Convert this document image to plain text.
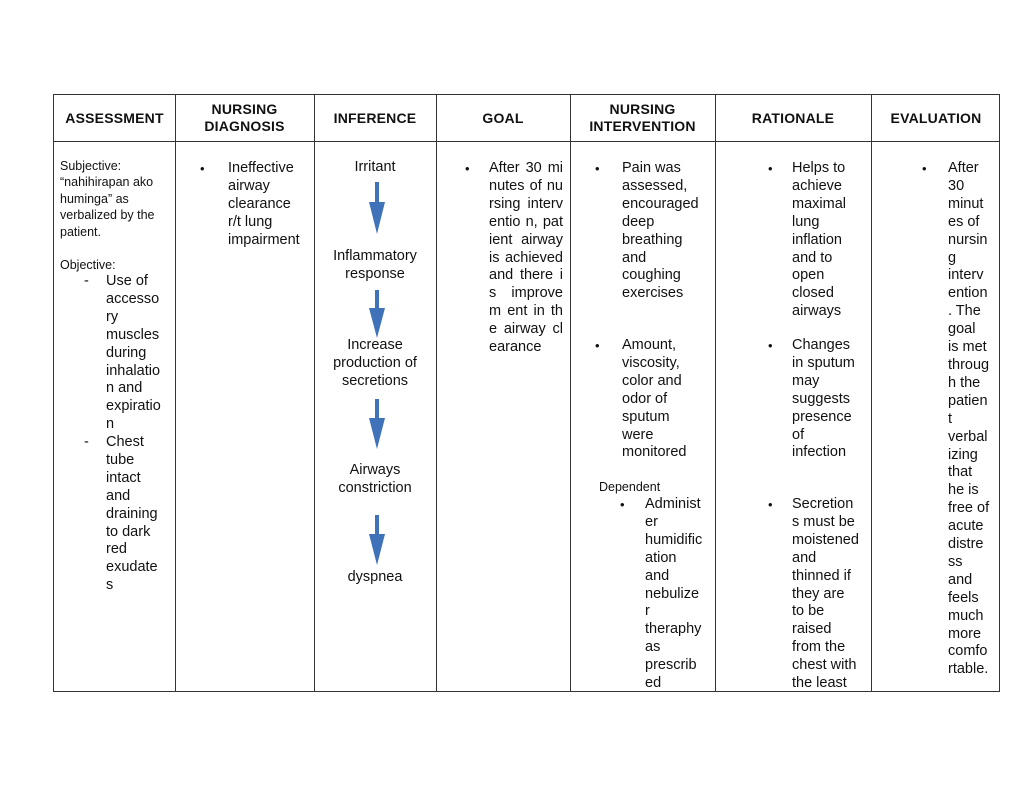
ASSESSMENT
NURSING
DIAGNOSIS
INFERENCE	GOAL
NURSING
INTERVENTION
RATIONALE	EVALUATION
Subjective:
“nahihirapan ako
huminga” as
verbalized by the
patient.
Objective:
- Use of
accesso
ry
muscles
during
inhalatio
n and
expiratio
n
- Chest
tube
intact
and
draining
to dark
red
exudate
s
• Ineffective
airway
clearance
r/t lung
impairment
Irritant
Inflammatory
response
Increase
production of
secretions
Airways
constriction
dyspnea
• After 30 minutes of nursing interventio n, patient airway is achieved and there is improvem ent in the airway clearance
• Pain was
assessed,
encouraged
deep
breathing
and
coughing
exercises
• Amount,
viscosity,
color and
odor of
sputum
were
monitored
Dependent
• Administ
er
humidific
ation
and
nebulize
r
theraphy
as
prescrib
ed
• Helps to
achieve
maximal
lung
inflation
and to
open
closed
airways
• Changes
in sputum
may
suggests
presence
of
infection
• Secretion
s must be
moistened
and
thinned if
they are
to be
raised
from the
chest with
the least
• After
30
minut
es of
nursin
g
interv
ention
. The
goal
is met
throug
h the
patien
t
verbal
izing
that
he is
free of
acute
distre
ss
and
feels
much
more
comfo
rtable.
